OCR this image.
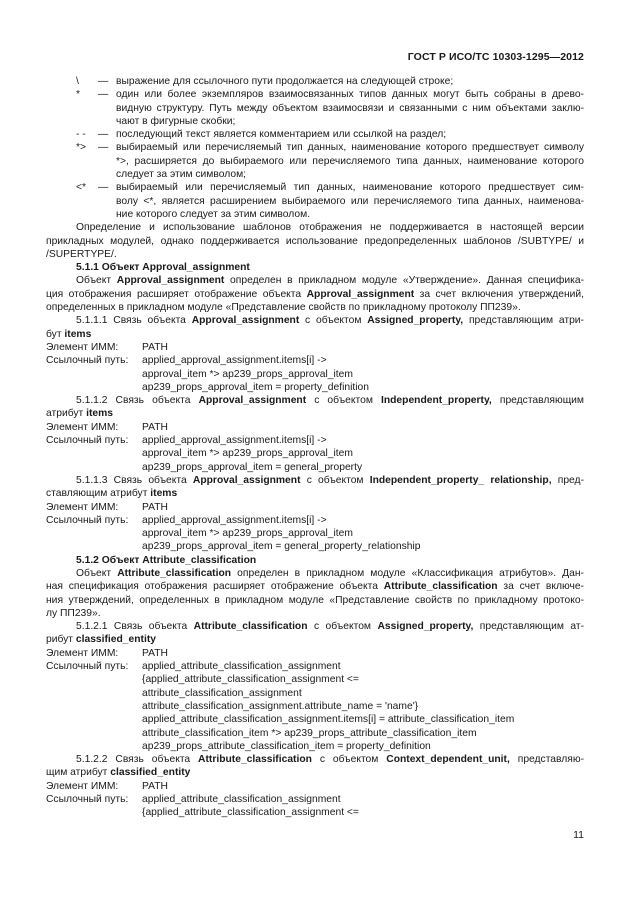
ГОСТ Р ИСО/ТС 10303-1295—2012
\ — выражение для ссылочного пути продолжается на следующей строке;
* — один или более экземпляров взаимосвязанных типов данных могут быть собраны в древо-
видную структуру. Путь между объектом взаимосвязи и связанными с ним объектами заклю-
чают в фигурные скобки;
- - — последующий текст является комментарием или ссылкой на раздел;
*> — выбираемый или перечисляемый тип данных, наименование которого предшествует символу
*>, расширяется до выбираемого или перечисляемого типа данных, наименование которого
следует за этим символом;
<* — выбираемый или перечисляемый тип данных, наименование которого предшествует сим-
волу <*, является расширением выбираемого или перечисляемого типа данных, наименова-
ние которого следует за этим символом.
Определение и использование шаблонов отображения не поддерживается в настоящей версии
прикладных модулей, однако поддерживается использование предопределенных шаблонов /SUBTYPE/ и
/SUPERTYPE/.
5.1.1 Объект Approval_assignment
Объект Approval_assignment определен в прикладном модуле «Утверждение». Данная специфика-
ция отображения расширяет отображение объекта Approval_assignment за счет включения утверждений,
определенных в прикладном модуле «Представление свойств по прикладному протоколу ПП239».
5.1.1.1 Связь объекта Approval_assignment с объектом Assigned_property, представляющим атри-
бут items
Элемент ИММ:	PATH
Ссылочный путь:	applied_approval_assignment.items[i] ->
approval_item *> ap239_props_approval_item
ap239_props_approval_item = property_definition
5.1.1.2 Связь объекта Approval_assignment с объектом Independent_property, представляющим
атрибут items
Элемент ИММ:	PATH
Ссылочный путь:	applied_approval_assignment.items[i] ->
approval_item *> ap239_props_approval_item
ap239_props_approval_item = general_property
5.1.1.3 Связь объекта Approval_assignment с объектом Independent_property_ relationship, пред-
ставляющим атрибут items
Элемент ИММ:	PATH
Ссылочный путь:	applied_approval_assignment.items[i] ->
approval_item *> ap239_props_approval_item
ap239_props_approval_item = general_property_relationship
5.1.2 Объект Attribute_classification
Объект Attribute_classification определен в прикладном модуле «Классификация атрибутов». Дан-
ная спецификация отображения расширяет отображение объекта Attribute_classification за счет включе-
ния утверждений, определенных в прикладном модуле «Представление свойств по прикладному протоко-
лу ПП239».
5.1.2.1 Связь объекта Attribute_classification с объектом Assigned_property, представляющим ат-
рибут classified_entity
Элемент ИММ:	PATH
Ссылочный путь:	applied_attribute_classification_assignment
{applied_attribute_classification_assignment <=
attribute_classification_assignment
attribute_classification_assignment.attribute_name = 'name'}
applied_attribute_classification_assignment.items[i] = attribute_classification_item
attribute_classification_item *> ap239_props_attribute_classification_item
ap239_props_attribute_classification_item = property_definition
5.1.2.2 Связь объекта Attribute_classification с объектом Context_dependent_unit, представляю-
щим атрибут classified_entity
Элемент ИММ:	PATH
Ссылочный путь:	applied_attribute_classification_assignment
{applied_attribute_classification_assignment <=
11
